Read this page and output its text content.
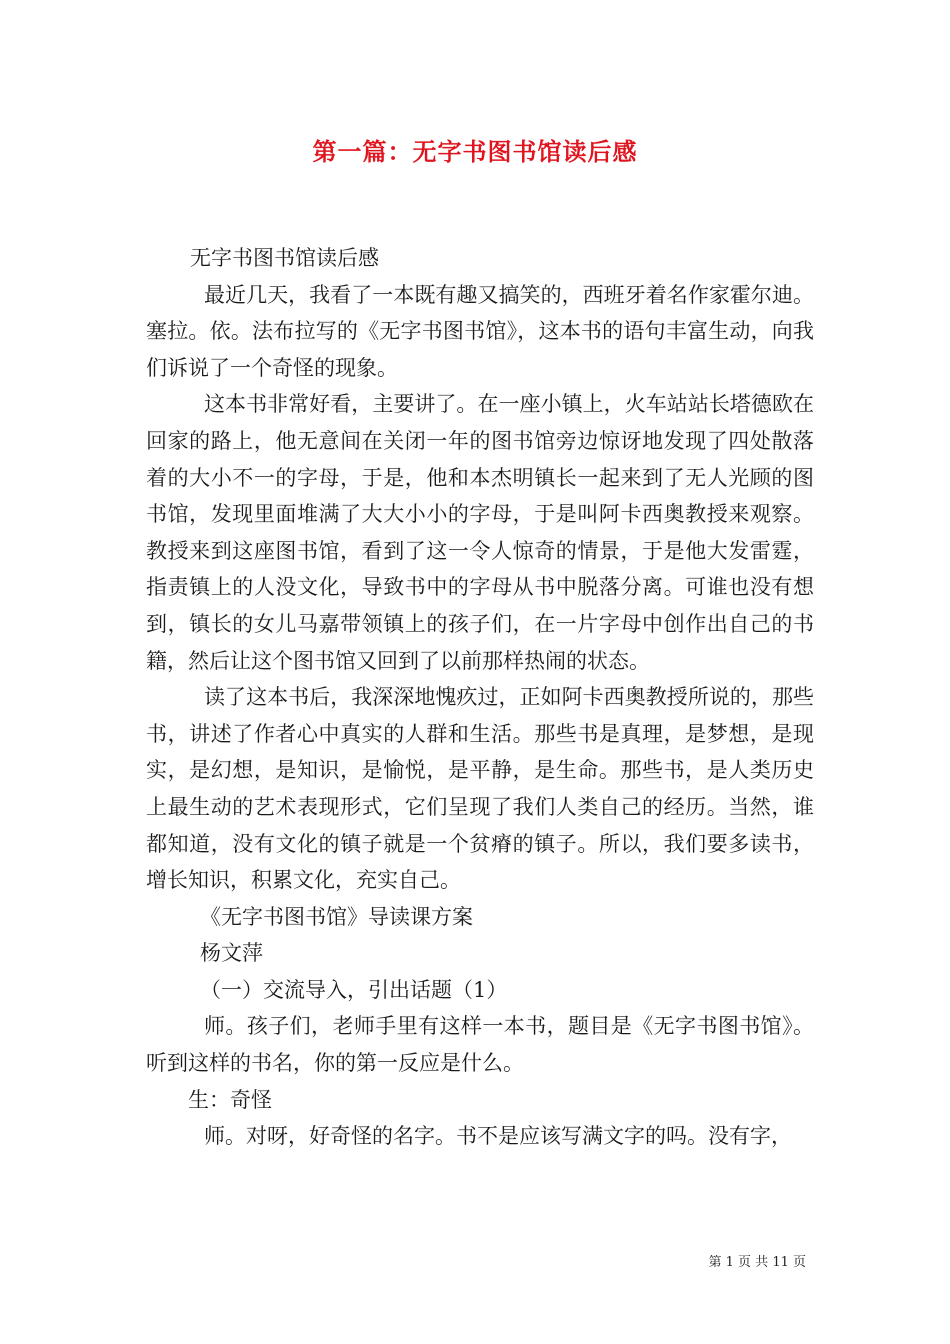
第一篇：无字书图书馆读后感

无字书图书馆读后感

最近几天，我看了一本既有趣又搞笑的，西班牙着名作家霍尔迪。塞拉。依。法布拉写的《无字书图书馆》，这本书的语句丰富生动，向我们诉说了一个奇怪的现象。

这本书非常好看，主要讲了。在一座小镇上，火车站站长塔德欧在回家的路上，他无意间在关闭一年的图书馆旁边惊讶地发现了四处散落着的大小不一的字母，于是，他和本杰明镇长一起来到了无人光顾的图书馆，发现里面堆满了大大小小的字母，于是叫阿卡西奥教授来观察。教授来到这座图书馆，看到了这一令人惊奇的情景，于是他大发雷霆，指责镇上的人没文化，导致书中的字母从书中脱落分离。可谁也没有想到，镇长的女儿马嘉带领镇上的孩子们，在一片字母中创作出自己的书籍，然后让这个图书馆又回到了以前那样热闹的状态。

读了这本书后，我深深地愧疚过，正如阿卡西奥教授所说的，那些书，讲述了作者心中真实的人群和生活。那些书是真理，是梦想，是现实，是幻想，是知识，是愉悦，是平静，是生命。那些书，是人类历史上最生动的艺术表现形式，它们呈现了我们人类自己的经历。当然，谁都知道，没有文化的镇子就是一个贫瘠的镇子。所以，我们要多读书，增长知识，积累文化，充实自己。

《无字书图书馆》导读课方案

杨文萍

（一）交流导入，引出话题（1）

师。孩子们，老师手里有这样一本书，题目是《无字书图书馆》。听到这样的书名，你的第一反应是什么。

生：奇怪

师。对呀，好奇怪的名字。书不是应该写满文字的吗。没有字，

第 1 页 共 11 页
